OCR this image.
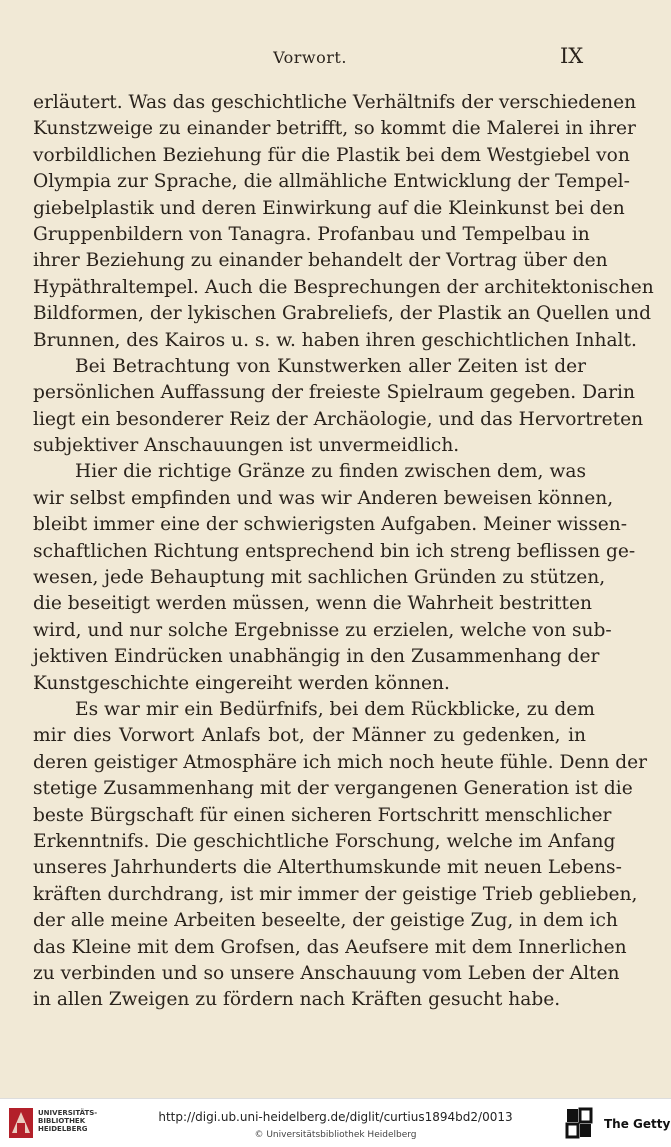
Vorwort.	IX
erläutert. Was das geschichtliche Verhältnifs der verschiedenen
Kunstzweige zu einander betrifft, so kommt die Malerei in ihrer
vorbildlichen Beziehung für die Plastik bei dem Westgiebel von
Olympia zur Sprache, die allmähliche Entwicklung der Tempel-
giebelplastik und deren Einwirkung auf die Kleinkunst bei den
Gruppenbildern von Tanagra. Profanbau und Tempelbau in
ihrer Beziehung zu einander behandelt der Vortrag über den
Hypäthraltempel. Auch die Besprechungen der architektonischen
Bildformen, der lykischen Grabreliefs, der Plastik an Quellen und
Brunnen, des Kairos u. s. w. haben ihren geschichtlichen Inhalt.
Bei Betrachtung von Kunstwerken aller Zeiten ist der
persönlichen Auffassung der freieste Spielraum gegeben. Darin
liegt ein besonderer Reiz der Archäologie, und das Hervortreten
subjektiver Anschauungen ist unvermeidlich.
Hier die richtige Gränze zu finden zwischen dem, was
wir selbst empfinden und was wir Anderen beweisen können,
bleibt immer eine der schwierigsten Aufgaben. Meiner wissen-
schaftlichen Richtung entsprechend bin ich streng beflissen ge-
wesen, jede Behauptung mit sachlichen Gründen zu stützen,
die beseitigt werden müssen, wenn die Wahrheit bestritten
wird, und nur solche Ergebnisse zu erzielen, welche von sub-
jektiven Eindrücken unabhängig in den Zusammenhang der
Kunstgeschichte eingereiht werden können.
Es war mir ein Bedürfnifs, bei dem Rückblicke, zu dem
mir dies Vorwort Anlafs bot, der Männer zu gedenken, in
deren geistiger Atmosphäre ich mich noch heute fühle. Denn der
stetige Zusammenhang mit der vergangenen Generation ist die
beste Bürgschaft für einen sicheren Fortschritt menschlicher
Erkenntnifs. Die geschichtliche Forschung, welche im Anfang
unseres Jahrhunderts die Alterthumskunde mit neuen Lebens-
kräften durchdrang, ist mir immer der geistige Trieb geblieben,
der alle meine Arbeiten beseelte, der geistige Zug, in dem ich
das Kleine mit dem Grofsen, das Aeufsere mit dem Innerlichen
zu verbinden und so unsere Anschauung vom Leben der Alten
in allen Zweigen zu fördern nach Kräften gesucht habe.
UNIVERSITÄTS-
BIBLIOTHEK
HEIDELBERG
http://digi.ub.uni-heidelberg.de/diglit/curtius1894bd2/0013
© Universitätsbibliothek Heidelberg
The Getty
